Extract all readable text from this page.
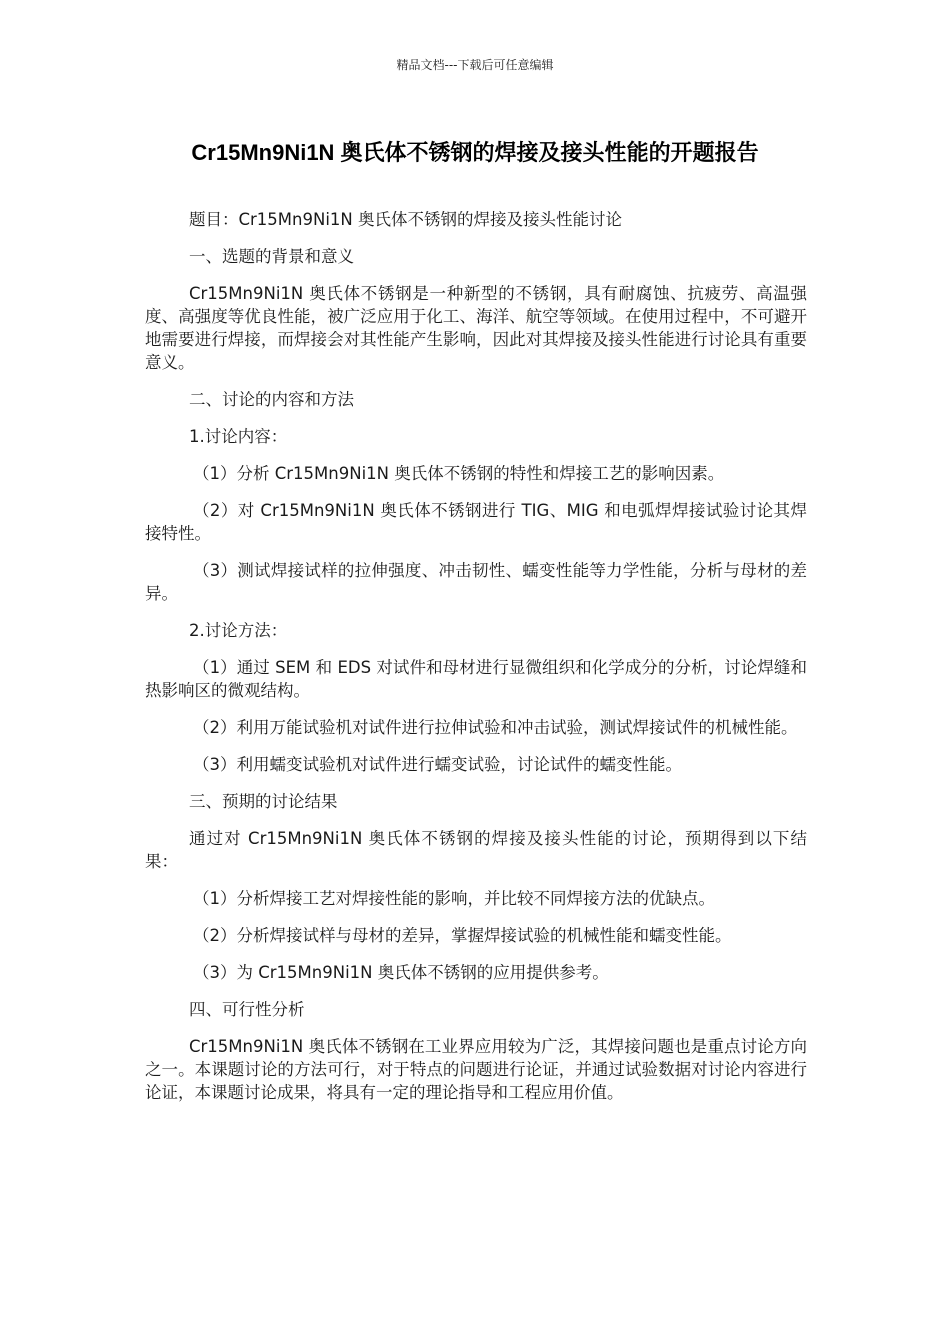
精品文档---下载后可任意编辑
Cr15Mn9Ni1N 奥氏体不锈钢的焊接及接头性能的开题报告

题目：Cr15Mn9Ni1N 奥氏体不锈钢的焊接及接头性能讨论

一、选题的背景和意义

Cr15Mn9Ni1N 奥氏体不锈钢是一种新型的不锈钢，具有耐腐蚀、抗疲劳、高温强度、高强度等优良性能，被广泛应用于化工、海洋、航空等领域。在使用过程中，不可避开地需要进行焊接，而焊接会对其性能产生影响，因此对其焊接及接头性能进行讨论具有重要意义。

二、讨论的内容和方法

1.讨论内容：

（1）分析 Cr15Mn9Ni1N 奥氏体不锈钢的特性和焊接工艺的影响因素。

（2）对 Cr15Mn9Ni1N 奥氏体不锈钢进行 TIG、MIG 和电弧焊焊接试验讨论其焊接特性。

（3）测试焊接试样的拉伸强度、冲击韧性、蠕变性能等力学性能，分析与母材的差异。

2.讨论方法：

（1）通过 SEM 和 EDS 对试件和母材进行显微组织和化学成分的分析，讨论焊缝和热影响区的微观结构。

（2）利用万能试验机对试件进行拉伸试验和冲击试验，测试焊接试件的机械性能。

（3）利用蠕变试验机对试件进行蠕变试验，讨论试件的蠕变性能。

三、预期的讨论结果

通过对 Cr15Mn9Ni1N 奥氏体不锈钢的焊接及接头性能的讨论，预期得到以下结果：

（1）分析焊接工艺对焊接性能的影响，并比较不同焊接方法的优缺点。

（2）分析焊接试样与母材的差异，掌握焊接试验的机械性能和蠕变性能。

（3）为 Cr15Mn9Ni1N 奥氏体不锈钢的应用提供参考。

四、可行性分析

Cr15Mn9Ni1N 奥氏体不锈钢在工业界应用较为广泛，其焊接问题也是重点讨论方向之一。本课题讨论的方法可行，对于特点的问题进行论证，并通过试验数据对讨论内容进行论证，本课题讨论成果，将具有一定的理论指导和工程应用价值。
